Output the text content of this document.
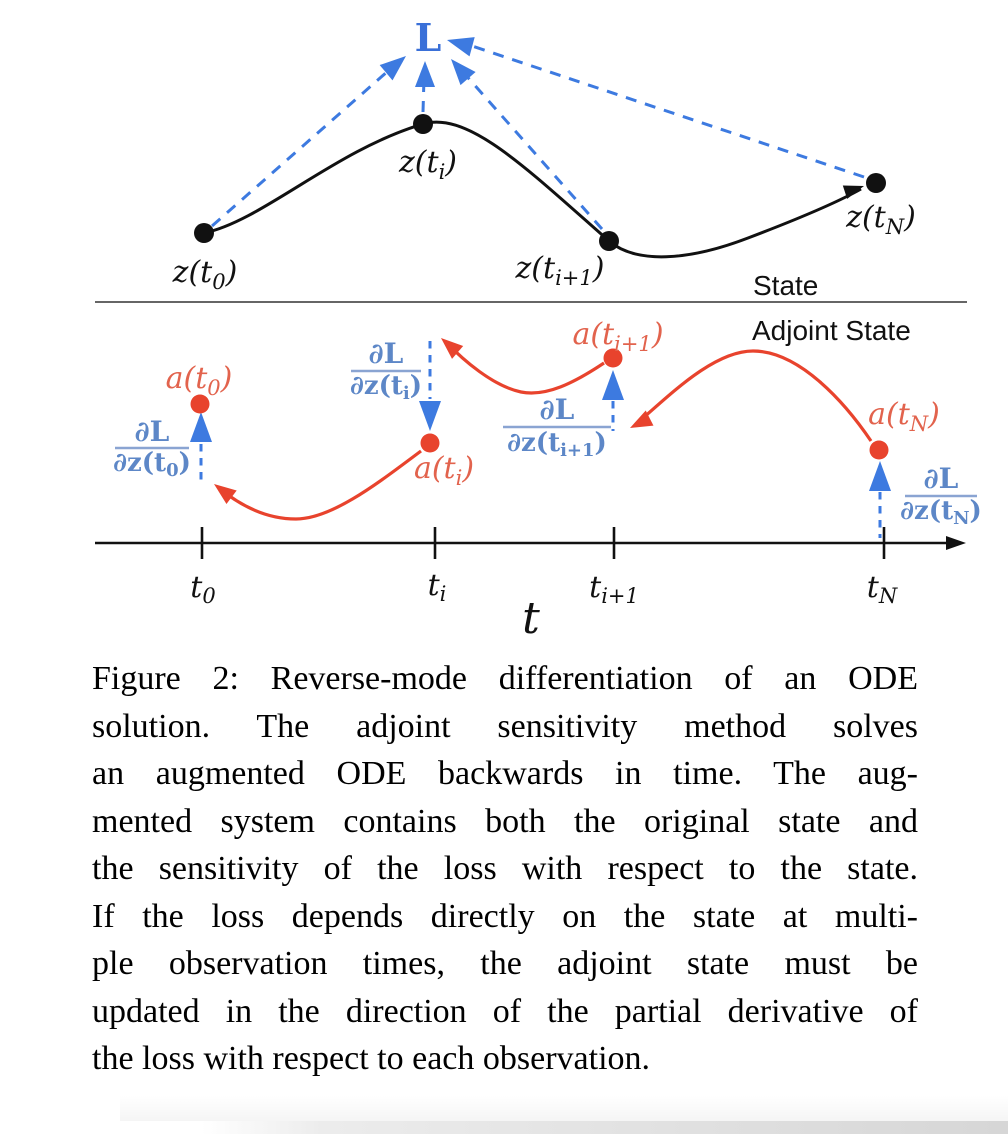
L
$z(t_0)$
$z(t_i)$
$z(t_{i+1})$
$z(t_N)$
State
Adjoint State
$a(t_0)$
$a(t_i)$
$a(t_{i+1})$
$a(t_N)$
∂L
∂z(t0)
∂L
∂z(ti)
∂L
∂z(ti+1)
∂L
∂z(tN)
$t_0$	$t_i$	$t_{i+1}$	$t_N$
t
Figure 2: Reverse-mode differentiation of an ODE
solution. The adjoint sensitivity method solves
an augmented ODE backwards in time. The aug-
mented system contains both the original state and
the sensitivity of the loss with respect to the state.
If the loss depends directly on the state at multi-
ple observation times, the adjoint state must be
updated in the direction of the partial derivative of
the loss with respect to each observation.
